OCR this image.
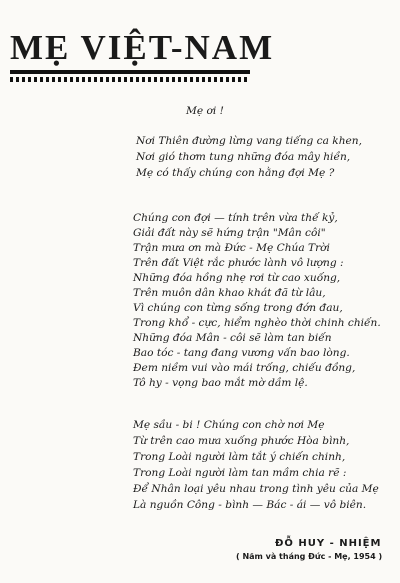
MẸ VIỆT-NAM
Mẹ ơi !
Nơi Thiên đường lừng vang tiếng ca khen,
Nơi gió thơm tung những đóa mây hiền,
Mẹ có thấy chúng con hằng đợi Mẹ ?
Chúng con đợi — tính trên vừa thế kỷ,
Giải đất này sẽ hứng trận "Mân côi"
Trận mưa ơn mà Đức - Mẹ Chúa Trời
Trên đất Việt rắc phước lành vô lượng :
Những đóa hồng nhẹ rơi từ cao xuống,
Trên muôn dân khao khát đã từ lâu,
Vì chúng con từng sống trong đớn đau,
Trong khổ - cực, hiểm nghèo thời chinh chiến.
Những đóa Mân - côi sẽ làm tan biến
Bao tóc - tang đang vương vấn bao lòng.
Đem niềm vui vào mái trống, chiếu đồng,
Tô hy - vọng bao mắt mờ dầm lệ.
Mẹ sầu - bi ! Chúng con chờ nơi Mẹ
Từ trên cao mưa xuống phước Hòa bình,
Trong Loài người làm tắt ý chiến chinh,
Trong Loài người làm tan mầm chia rẽ :
Để Nhân loại yêu nhau trong tình yêu của Mẹ
Là nguồn Công - bình — Bác - ái — vô biên.
ĐỖ HUY - NHIỆM
( Năm và tháng Đức - Mẹ, 1954 )
